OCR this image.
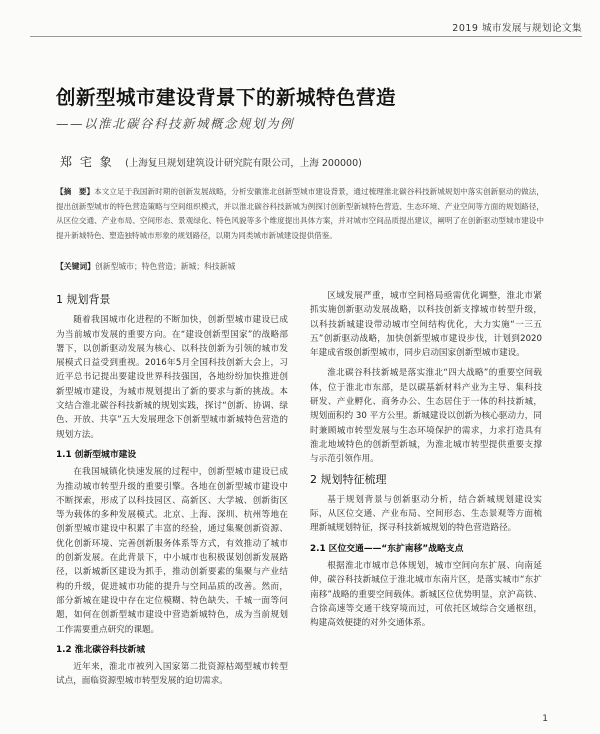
2019 城市发展与规划论文集
创新型城市建设背景下的新城特色营造
——以淮北碳谷科技新城概念规划为例
郑 宅 象 (上海复旦规划建筑设计研究院有限公司，上海 200000)
【摘　要】本文立足于我国新时期的创新发展战略，分析安徽淮北创新型城市建设背景，通过梳理淮北碳谷科技新城规划中落实创新驱动的做法，提出创新型城市的特色营造策略与空间组织模式，并以淮北碳谷科技新城为例探讨创新型新城特色营造、生态环境、产业空间等方面的规划路径，从区位交通、产业布局、空间形态、景观绿化、特色风貌等多个维度提出具体方案，并对城市空间品质提出建议，阐明了在创新驱动型城市建设中提升新城特色、塑造独特城市形象的规划路径，以期为同类城市新城建设提供借鉴。
【关键词】创新型城市；特色营造；新城；科技新城
1 规划背景

随着我国城市化进程的不断加快，创新型城市建设已成为当前城市发展的重要方向。在“建设创新型国家”的战略部署下，以创新驱动发展为核心、以科技创新为引领的城市发展模式日益受到重视。2016年5月全国科技创新大会上，习近平总书记提出要建设世界科技强国，各地纷纷加快推进创新型城市建设，为城市规划提出了新的要求与新的挑战。本文结合淮北碳谷科技新城的规划实践，探讨“创新、协调、绿色、开放、共享”五大发展理念下创新型城市新城特色营造的规划方法。

1.1 创新型城市建设

在我国城镇化快速发展的过程中，创新型城市建设已成为推动城市转型升级的重要引擎。各地在创新型城市建设中不断探索，形成了以科技园区、高新区、大学城、创新街区等为载体的多种发展模式。北京、上海、深圳、杭州等地在创新型城市建设中积累了丰富的经验，通过集聚创新资源、优化创新环境、完善创新服务体系等方式，有效推动了城市的创新发展。在此背景下，中小城市也积极谋划创新发展路径，以新城新区建设为抓手，推动创新要素的集聚与产业结构的升级，促进城市功能的提升与空间品质的改善。然而，部分新城在建设中存在定位模糊、特色缺失、千城一面等问题，如何在创新型城市建设中营造新城特色，成为当前规划工作需要重点研究的课题。

1.2 淮北碳谷科技新城

近年来，淮北市被列入国家第二批资源枯竭型城市转型试点，面临资源型城市转型发展的迫切需求。

区域发展严重，城市空间格局亟需优化调整，淮北市紧抓实施创新驱动发展战略，以科技创新支撑城市转型升级，以科技新城建设带动城市空间结构优化，大力实施“一三五五”创新驱动战略，加快创新型城市建设步伐，计划到2020年建成省级创新型城市，同步启动国家创新型城市建设。

淮北碳谷科技新城是落实淮北“四大战略”的重要空间载体，位于淮北市东部，是以碳基新材料产业为主导、集科技研发、产业孵化、商务办公、生态居住于一体的科技新城，规划面积约 30 平方公里。新城建设以创新为核心驱动力，同时兼顾城市转型发展与生态环境保护的需求，力求打造具有淮北地域特色的创新型新城，为淮北城市转型提供重要支撑与示范引领作用。

2 规划特征梳理

基于规划背景与创新驱动分析，结合新城规划建设实际，从区位交通、产业布局、空间形态、生态景观等方面梳理新城规划特征，探寻科技新城规划的特色营造路径。

2.1 区位交通——“东扩南移”战略支点

根据淮北市城市总体规划，城市空间向东扩展、向南延伸，碳谷科技新城位于淮北城市东南片区，是落实城市“东扩南移”战略的重要空间载体。新城区位优势明显，京沪高铁、合徐高速等交通干线穿境而过，可依托区域综合交通枢纽，构建高效便捷的对外交通体系。

1
